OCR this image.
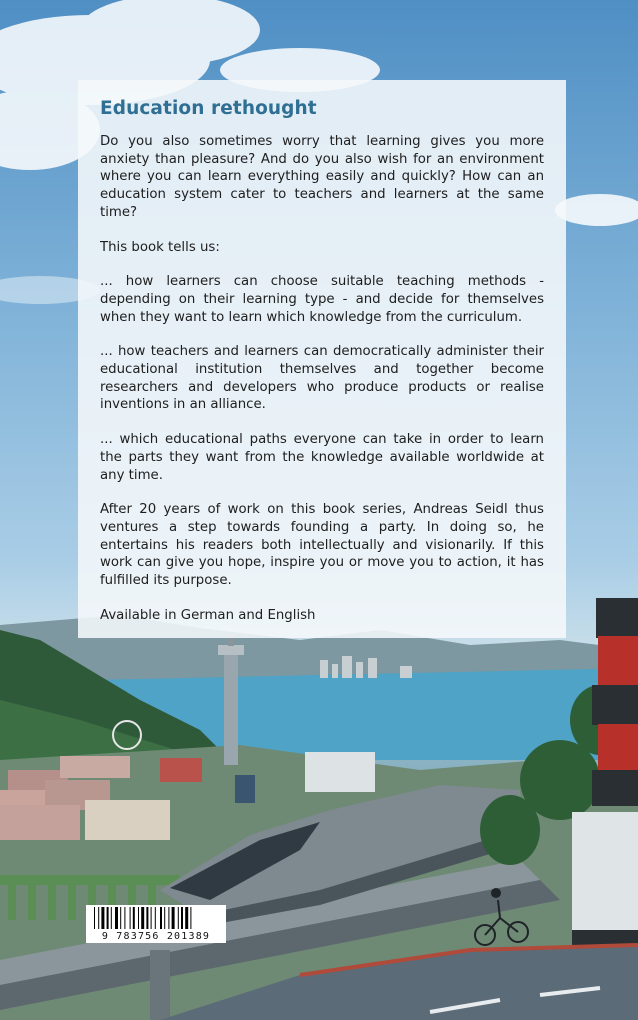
Education rethought

Do you also sometimes worry that learning gives you more anxiety than pleasure? And do you also wish for an environment where you can learn everything easily and quickly? How can an education system cater to teachers and learners at the same time?

This book tells us:

... how learners can choose suitable teaching methods - depending on their learning type - and decide for themselves when they want to learn which knowledge from the curriculum.

... how teachers and learners can democratically administer their educational institution themselves and together become researchers and developers who produce products or realise inventions in an alliance.

... which educational paths everyone can take in order to learn the parts they want from the knowledge available worldwide at any time.

After 20 years of work on this book series, Andreas Seidl thus ventures a step towards founding a party. In doing so, he entertains his readers both intellectually and visionarily. If this work can give you hope, inspire you or move you to action, it has fulfilled its purpose.

Available in German and English

9 783756 201389
